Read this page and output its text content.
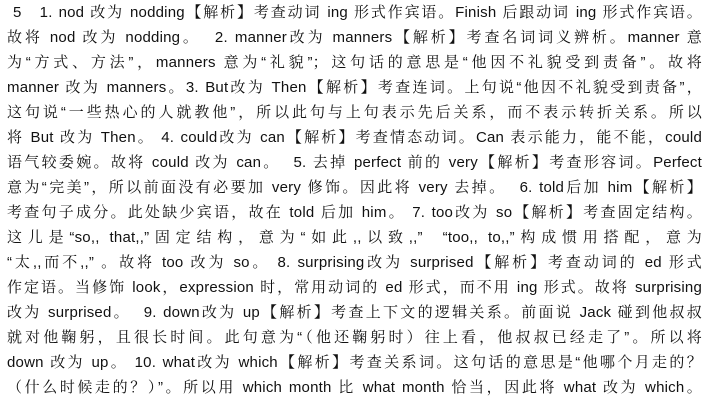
5   1. nod 改为 nodding【解析】考查动词 ing 形式作宾语。Finish 后跟动词 ing 形式作宾语。
故将 nod 改为 nodding。  2. manner改为 manners【解析】考查名词词义辨析。manner 意
为“方式、方法”，manners 意为“礼貌”；这句话的意思是“他因不礼貌受到责备”。故将
manner 改为 manners。3. But改为 Then【解析】考查连词。上句说“他因不礼貌受到责备”，
这句说“一些热心的人就教他”，所以此句与上句表示先后关系，而不表示转折关系。所以
将 But 改为 Then。 4. could改为 can【解析】考查情态动词。Can 表示能力，能不能，could
语气较委婉。故将 could 改为 can。  5. 去掉 perfect 前的 very【解析】考查形容词。Perfect
意为“完美”，所以前面没有必要加 very 修饰。因此将 very 去掉。  6. told后加 him【解析】
考查句子成分。此处缺少宾语，故在 told 后加 him。 7. too改为 so【解析】考查固定结构。
这儿是“so,, that,,”固定结构，意为“如此,,以致,,”  “too,, to,,”构成惯用搭配，意为
“太,,而不,,” 。故将 too 改为 so。 8. surprising改为 surprised【解析】考查动词的 ed 形式
作定语。当修饰 look，expression 时，常用动词的 ed 形式，而不用 ing 形式。故将 surprising
改为 surprised。  9. down改为 up【解析】考查上下文的逻辑关系。前面说 Jack 碰到他叔叔
就对他鞠躬，且很长时间。此句意为“（他还鞠躬时）往上看，他叔叔已经走了”。所以将
down 改为 up。 10. what改为 which【解析】考查关系词。这句话的意思是“他哪个月走的？
（什么时候走的？）”。所以用 which month 比 what month 恰当，因此将 what 改为 which。
